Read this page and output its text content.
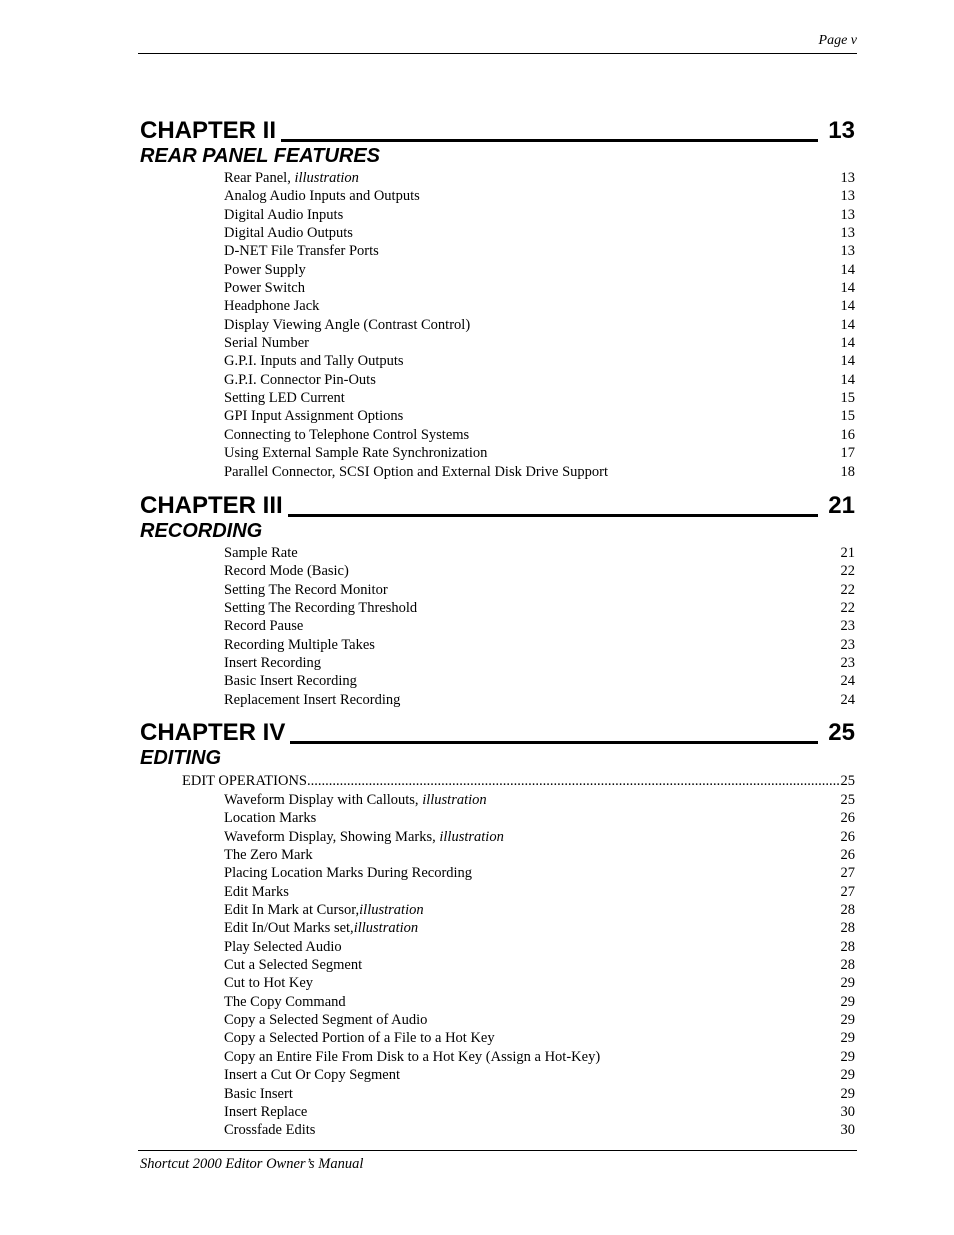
Page v
CHAPTER II	13
REAR PANEL FEATURES
Rear Panel, illustration	13
Analog Audio Inputs and Outputs	13
Digital Audio Inputs	13
Digital Audio Outputs	13
D-NET File Transfer Ports	13
Power Supply	14
Power Switch	14
Headphone Jack	14
Display Viewing Angle (Contrast Control)	14
Serial Number	14
G.P.I. Inputs and Tally Outputs	14
G.P.I. Connector Pin-Outs	14
Setting LED Current	15
GPI Input Assignment Options	15
Connecting to Telephone Control Systems	16
Using External Sample Rate Synchronization	17
Parallel Connector, SCSI Option and External Disk Drive Support	18
CHAPTER III	21
RECORDING
Sample Rate	21
Record Mode (Basic)	22
Setting The Record Monitor	22
Setting The Recording Threshold	22
Record Pause	23
Recording Multiple Takes	23
Insert Recording	23
Basic Insert Recording	24
Replacement Insert Recording	24
CHAPTER IV	25
EDITING
EDIT OPERATIONS .....	25
Waveform Display with Callouts, illustration	25
Location Marks	26
Waveform Display, Showing Marks, illustration	26
The Zero Mark	26
Placing Location Marks During Recording	27
Edit Marks	27
Edit In Mark at Cursor,illustration	28
Edit In/Out Marks set,illustration	28
Play Selected Audio	28
Cut a Selected Segment	28
Cut to Hot Key	29
The Copy Command	29
Copy a Selected Segment of Audio	29
Copy a Selected Portion of a File to a Hot Key	29
Copy an Entire File From Disk to a Hot Key (Assign a Hot-Key)	29
Insert a Cut Or Copy Segment	29
Basic Insert	29
Insert Replace	30
Crossfade Edits	30
Shortcut 2000 Editor Owner’s Manual
